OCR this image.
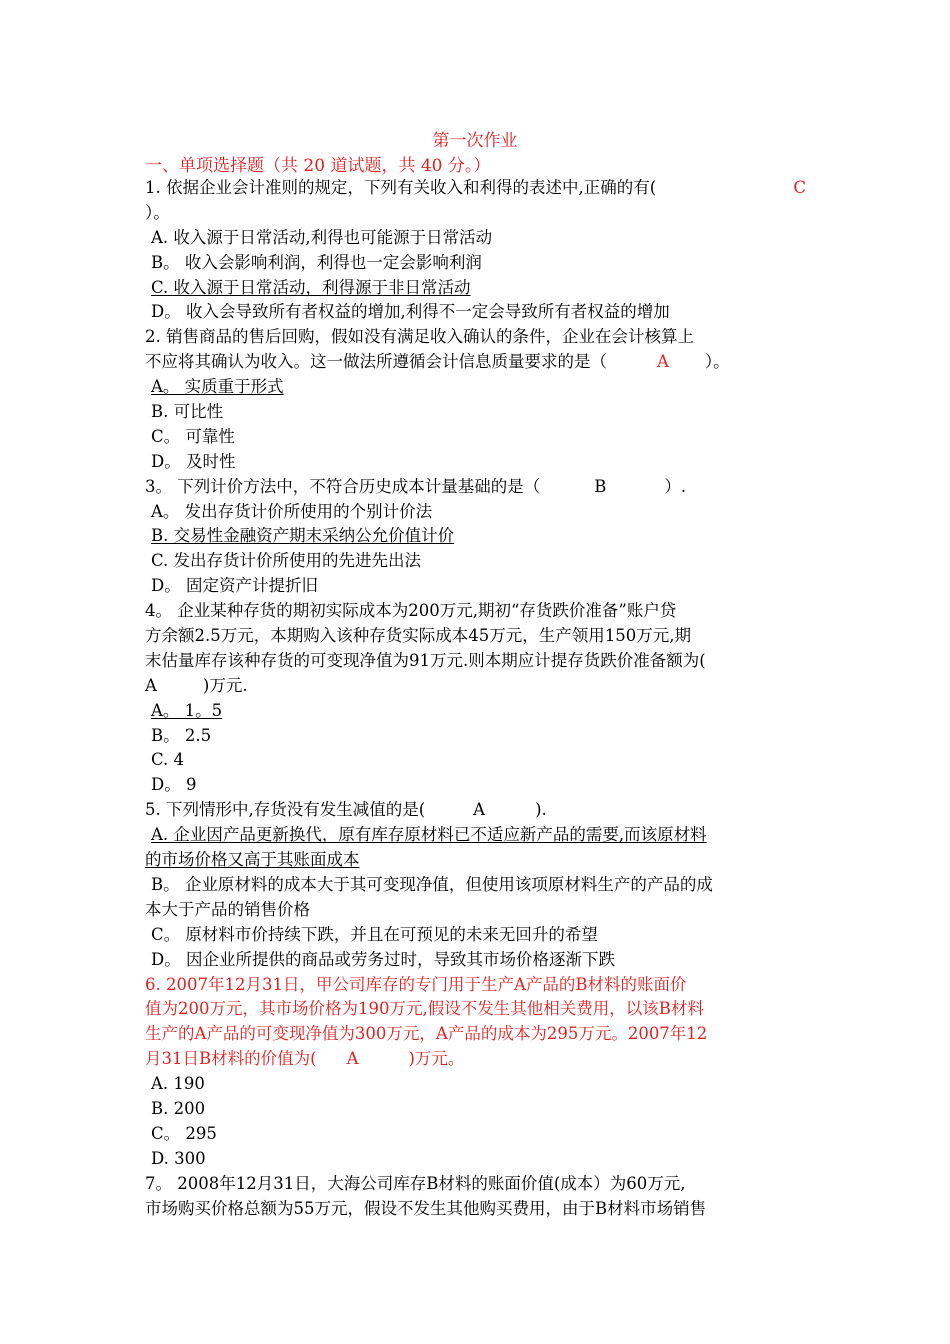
第一次作业
一、单项选择题（共 20 道试题，共 40 分。）
1. 依据企业会计准则的规定，下列有关收入和利得的表述中,正确的有(	C
）。
A. 收入源于日常活动,利得也可能源于日常活动
B。 收入会影响利润，利得也一定会影响利润
C. 收入源于日常活动，利得源于非日常活动
D。 收入会导致所有者权益的增加,利得不一定会导致所有者权益的增加
2. 销售商品的售后回购，假如没有满足收入确认的条件，企业在会计核算上
不应将其确认为收入。这一做法所遵循会计信息质量要求的是（	A ）。
A。 实质重于形式
B. 可比性
C。 可靠性
D。 及时性
3。 下列计价方法中，不符合历史成本计量基础的是（	B	）.
A。 发出存货计价所使用的个别计价法
B. 交易性金融资产期末采纳公允价值计价
C. 发出存货计价所使用的先进先出法
D。 固定资产计提折旧
4。 企业某种存货的期初实际成本为200万元,期初“存货跌价准备”账户贷
方余额2.5万元，本期购入该种存货实际成本45万元，生产领用150万元,期
末估量库存该种存货的可变现净值为91万元.则本期应计提存货跌价准备额为(
A	)万元.
A。 1。5
B。 2.5
C. 4
D。 9
5. 下列情形中,存货没有发生减值的是(	A	).
A. 企业因产品更新换代，原有库存原材料已不适应新产品的需要,而该原材料
的市场价格又高于其账面成本
B。 企业原材料的成本大于其可变现净值，但使用该项原材料生产的产品的成
本大于产品的销售价格
C。 原材料市价持续下跌，并且在可预见的未来无回升的希望
D。 因企业所提供的商品或劳务过时，导致其市场价格逐渐下跌
6. 2007年12月31日，甲公司库存的专门用于生产A产品的B材料的账面价
值为200万元，其市场价格为190万元,假设不发生其他相关费用，以该B材料
生产的A产品的可变现净值为300万元，A产品的成本为295万元。2007年12
月31日B材料的价值为( A	)万元。
A. 190
B. 200
C。 295
D. 300
7。 2008年12月31日，大海公司库存B材料的账面价值(成本）为60万元,
市场购买价格总额为55万元，假设不发生其他购买费用，由于B材料市场销售
